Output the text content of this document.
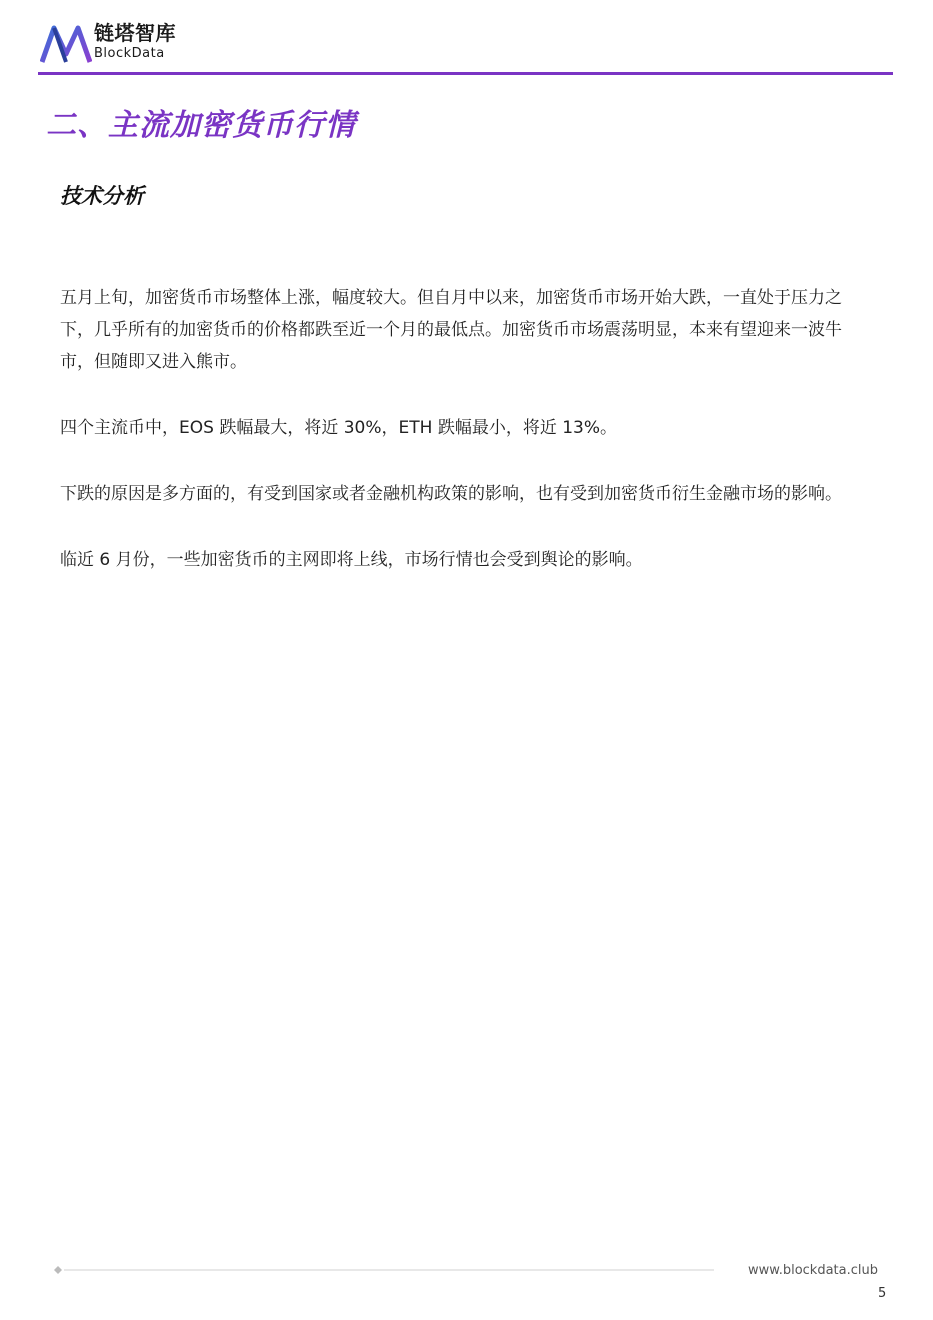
链塔智库
BlockData
二、主流加密货币行情
技术分析

五月上旬，加密货币市场整体上涨，幅度较大。但自月中以来，加密货币市场开始大跌，一直处于压力之下，几乎所有的加密货币的价格都跌至近一个月的最低点。加密货币市场震荡明显，本来有望迎来一波牛市，但随即又进入熊市。

四个主流币中，EOS 跌幅最大，将近 30%，ETH 跌幅最小，将近 13%。

下跌的原因是多方面的，有受到国家或者金融机构政策的影响，也有受到加密货币衍生金融市场的影响。

临近 6 月份，一些加密货币的主网即将上线，市场行情也会受到舆论的影响。

www.blockdata.club
5
